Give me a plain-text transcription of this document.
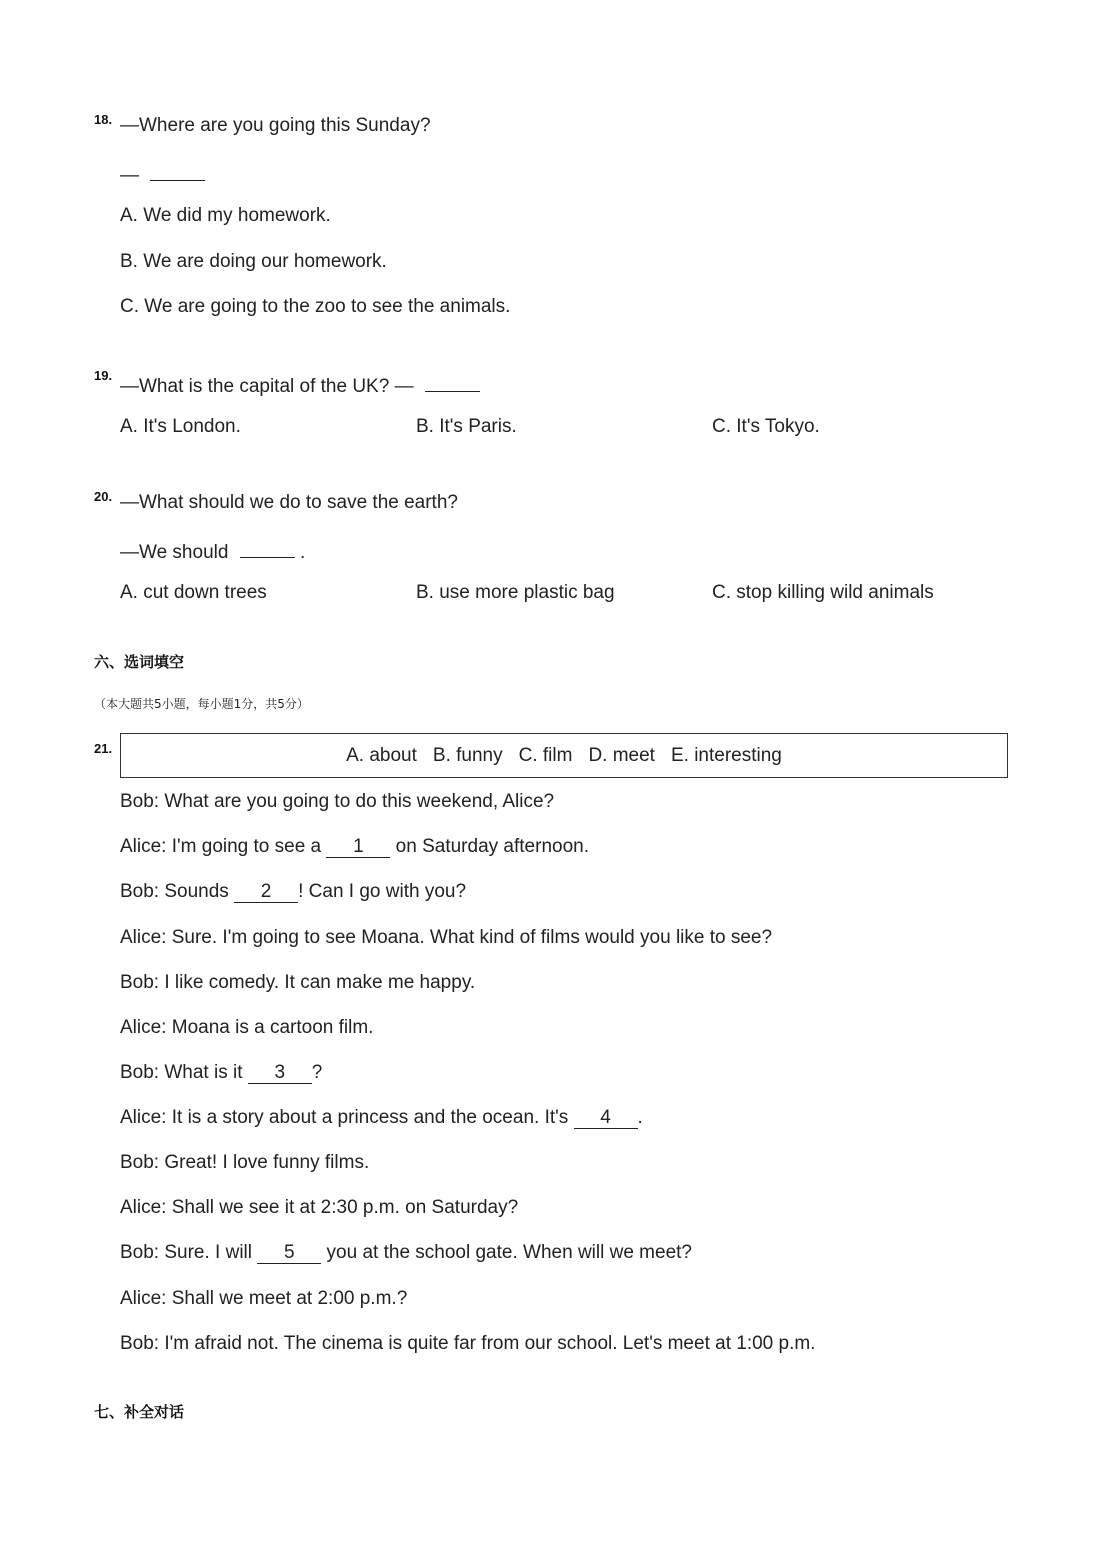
18. —Where are you going this Sunday?
—
A. We did my homework.
B. We are doing our homework.
C. We are going to the zoo to see the animals.
19.
—What is the capital of the UK? —
A. It's London.	B. It's Paris.	C. It's Tokyo.
20. —What should we do to save the earth?
—We should	.
A. cut down trees	B. use more plastic bag	C. stop killing wild animals
六、选词填空
（本大题共5小题，每小题1分，共5分）
21.	A. about B. funny C. film D. meet E. interesting
Bob: What are you going to do this weekend, Alice?
Alice: I'm going to see a 1 on Saturday afternoon.
Bob: Sounds 2 ! Can I go with you?
Alice: Sure. I'm going to see Moana. What kind of films would you like to see?
Bob: I like comedy. It can make me happy.
Alice: Moana is a cartoon film.
Bob: What is it 3 ?
Alice: It is a story about a princess and the ocean. It's 4 .
Bob: Great! I love funny films.
Alice: Shall we see it at 2:30 p.m. on Saturday?
Bob: Sure. I will 5 you at the school gate. When will we meet?
Alice: Shall we meet at 2:00 p.m.?
Bob: I'm afraid not. The cinema is quite far from our school. Let's meet at 1:00 p.m.
七、补全对话
